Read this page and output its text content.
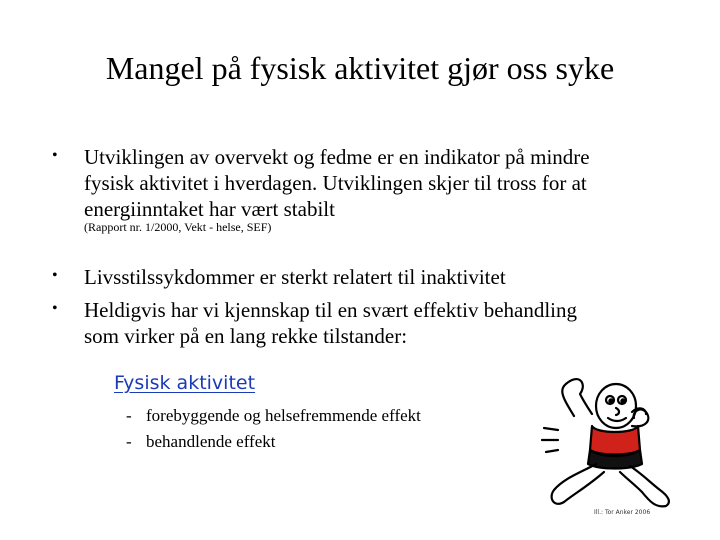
Mangel på fysisk aktivitet gjør oss syke
• Utviklingen av overvekt og fedme er en indikator på mindre
fysisk aktivitet i hverdagen. Utviklingen skjer til tross for at
energiinntaket har vært stabilt
(Rapport nr. 1/2000, Vekt - helse, SEF)
• Livsstilssykdommer er sterkt relatert til inaktivitet
• Heldigvis har vi kjennskap til en svært effektiv behandling
som virker på en lang rekke tilstander:
Fysisk aktivitet
- forebyggende og helsefremmende effekt
- behandlende effekt
Ill.: Tor Anker 2006
